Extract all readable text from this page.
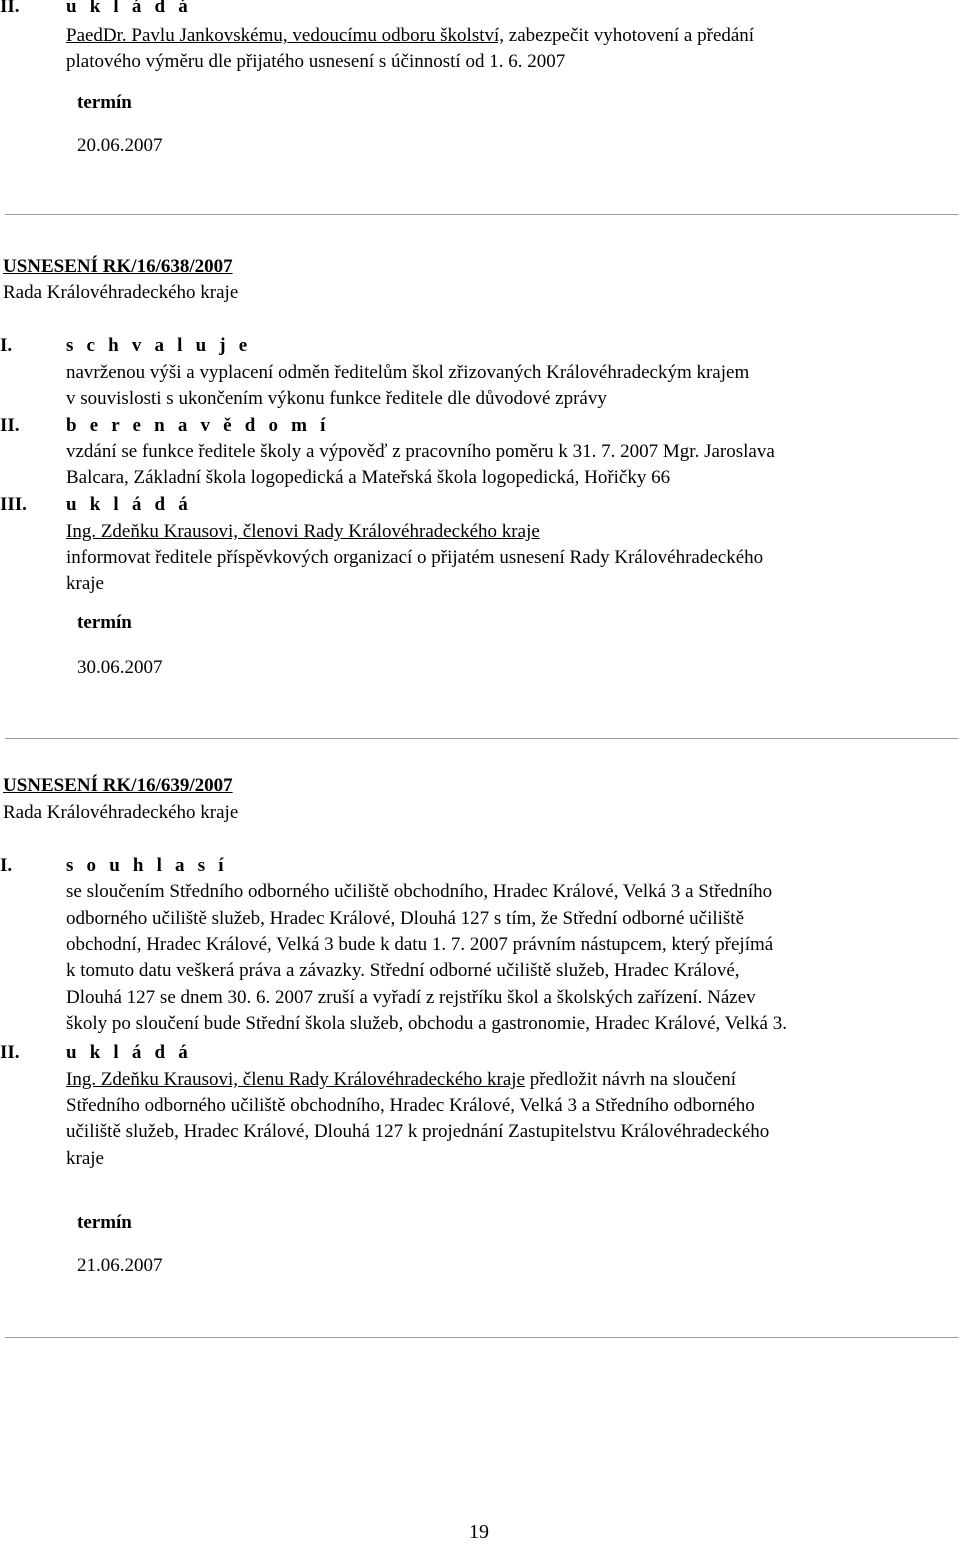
II. u k l á d á
PaedDr. Pavlu Jankovskému, vedoucímu odboru školství, zabezpečit vyhotovení a předání
platového výměru dle přijatého usnesení s účinností od 1. 6. 2007
termín
20.06.2007
USNESENÍ RK/16/638/2007
Rada Královéhradeckého kraje
I.	s c h v a l u j e
navrženou výši a vyplacení odměn ředitelům škol zřizovaných Královéhradeckým krajem
v souvislosti s ukončením výkonu funkce ředitele dle důvodové zprávy
II. b e r e n a v ě d o m í
vzdání se funkce ředitele školy a výpověď z pracovního poměru k 31. 7. 2007 Mgr. Jaroslava
Balcara, Základní škola logopedická a Mateřská škola logopedická, Hořičky 66
III. u k l á d á
Ing. Zdeňku Krausovi, členovi Rady Královéhradeckého kraje
informovat ředitele příspěvkových organizací o přijatém usnesení Rady Královéhradeckého
kraje
termín
30.06.2007
USNESENÍ RK/16/639/2007
Rada Královéhradeckého kraje
I.	s o u h l a s í
se sloučením Středního odborného učiliště obchodního, Hradec Králové, Velká 3 a Středního
odborného učiliště služeb, Hradec Králové, Dlouhá 127 s tím, že Střední odborné učiliště
obchodní, Hradec Králové, Velká 3 bude k datu 1. 7. 2007 právním nástupcem, který přejímá
k tomuto datu veškerá práva a závazky. Střední odborné učiliště služeb, Hradec Králové,
Dlouhá 127 se dnem 30. 6. 2007 zruší a vyřadí z rejstříku škol a školských zařízení. Název
školy po sloučení bude Střední škola služeb, obchodu a gastronomie, Hradec Králové, Velká 3.
II. u k l á d á
Ing. Zdeňku Krausovi, členu Rady Královéhradeckého kraje předložit návrh na sloučení
Středního odborného učiliště obchodního, Hradec Králové, Velká 3 a Středního odborného
učiliště služeb, Hradec Králové, Dlouhá 127 k projednání Zastupitelstvu Královéhradeckého
kraje
termín
21.06.2007
19
